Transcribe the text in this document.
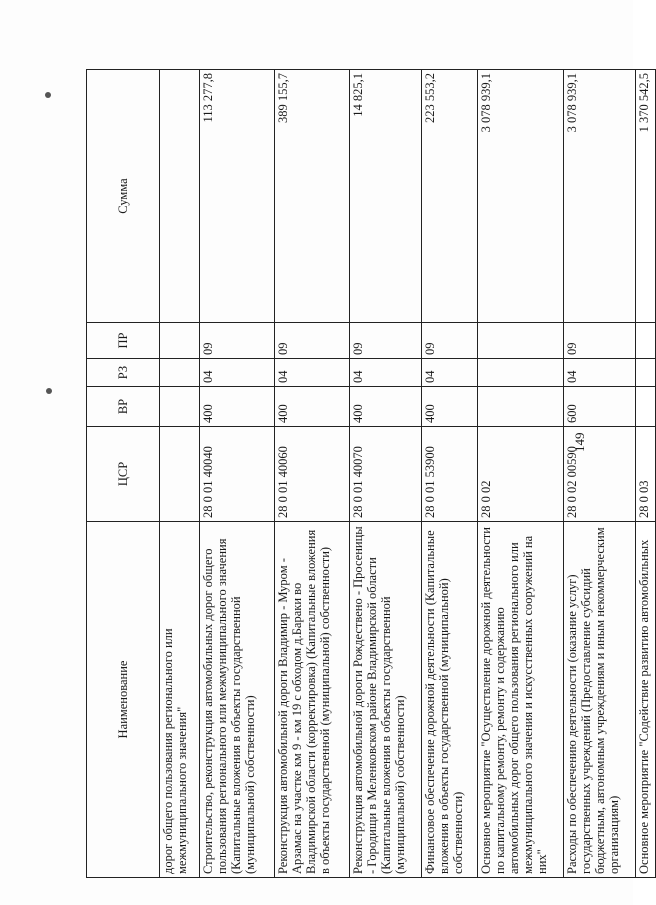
149
Наименование	ЦСР	ВР	РЗ	ПР	Сумма
дорог общего пользования регионального или межмуниципального значения"					
Строительство, реконструкция автомобильных дорог общего пользования регионального или межмуниципального значения (Капитальные вложения в объекты государственной (муниципальной) собственности)	28 0 01 40040	400	04	09	113 277,8
Реконструкция автомобильной дороги Владимир - Муром - Арзамас на участке км 9 - км 19 с обходом д.Бараки во Владимирской области (корректировка) (Капитальные вложения в объекты государственной (муниципальной) собственности)	28 0 01 40060	400	04	09	389 155,7
Реконструкция автомобильной дороги Рождествено - Просеницы - Городищи в Меленковском районе Владимирской области (Капитальные вложения в объекты государственной (муниципальной) собственности)	28 0 01 40070	400	04	09	14 825,1
Финансовое обеспечение дорожной деятельности (Капитальные вложения в объекты государственной (муниципальной) собственности)	28 0 01 53900	400	04	09	223 553,2
Основное мероприятие "Осуществление дорожной деятельности по капитальному ремонту, ремонту и содержанию автомобильных дорог общего пользования регионального или межмуниципального значения и искусственных сооружений на них"	28 0 02				3 078 939,1
Расходы по обеспечению деятельности (оказание услуг) государственных учреждений (Предоставление субсидий бюджетным, автономным учреждениям и иным некоммерческим организациям)	28 0 02 00590	600	04	09	3 078 939,1
Основное мероприятие "Содействие развитию автомобильных	28 0 03				1 370 542,5
